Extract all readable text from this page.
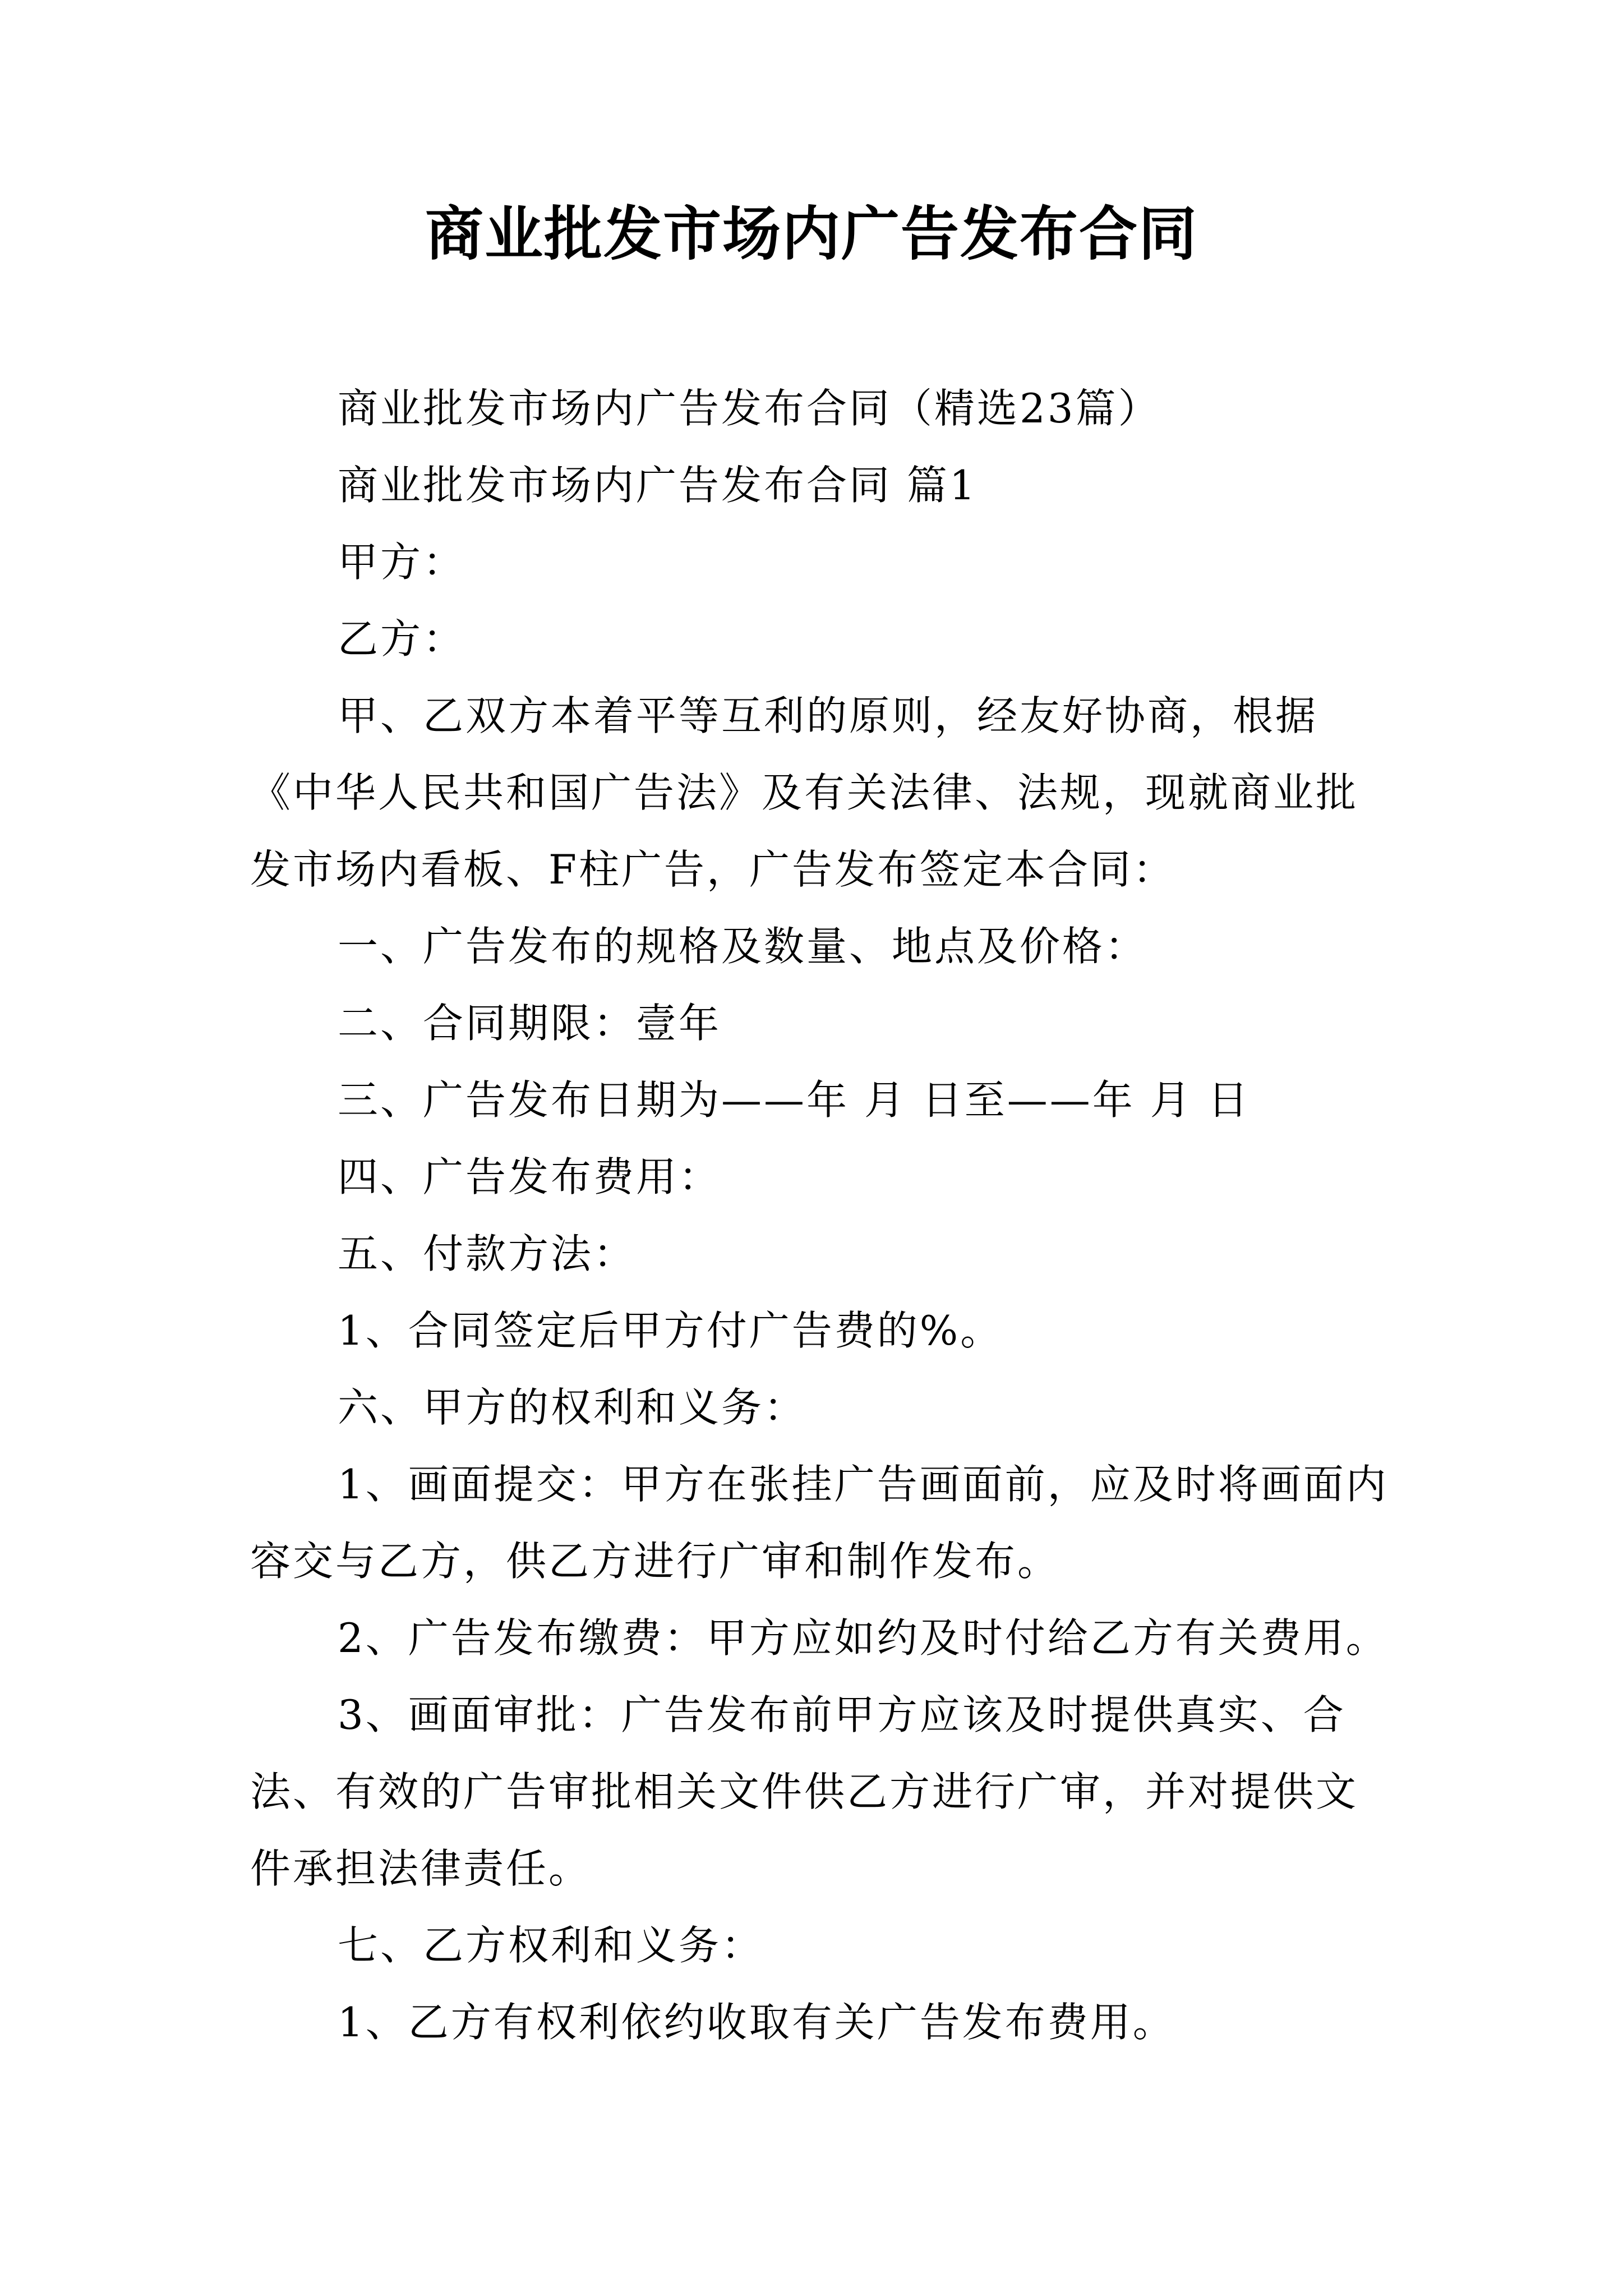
商业批发市场内广告发布合同

商业批发市场内广告发布合同（精选23篇）

商业批发市场内广告发布合同 篇1

甲方：

乙方：

甲、乙双方本着平等互利的原则，经友好协商，根据《中华人民共和国广告法》及有关法律、法规，现就商业批发市场内看板、F柱广告，广告发布签定本合同：

一、广告发布的规格及数量、地点及价格：

二、合同期限：壹年

三、广告发布日期为——年 月 日至——年 月 日

四、广告发布费用：

五、付款方法：

1、合同签定后甲方付广告费的%。

六、甲方的权利和义务：

1、画面提交：甲方在张挂广告画面前，应及时将画面内容交与乙方，供乙方进行广审和制作发布。

2、广告发布缴费：甲方应如约及时付给乙方有关费用。

3、画面审批：广告发布前甲方应该及时提供真实、合法、有效的广告审批相关文件供乙方进行广审，并对提供文件承担法律责任。

七、乙方权利和义务：

1、乙方有权利依约收取有关广告发布费用。
